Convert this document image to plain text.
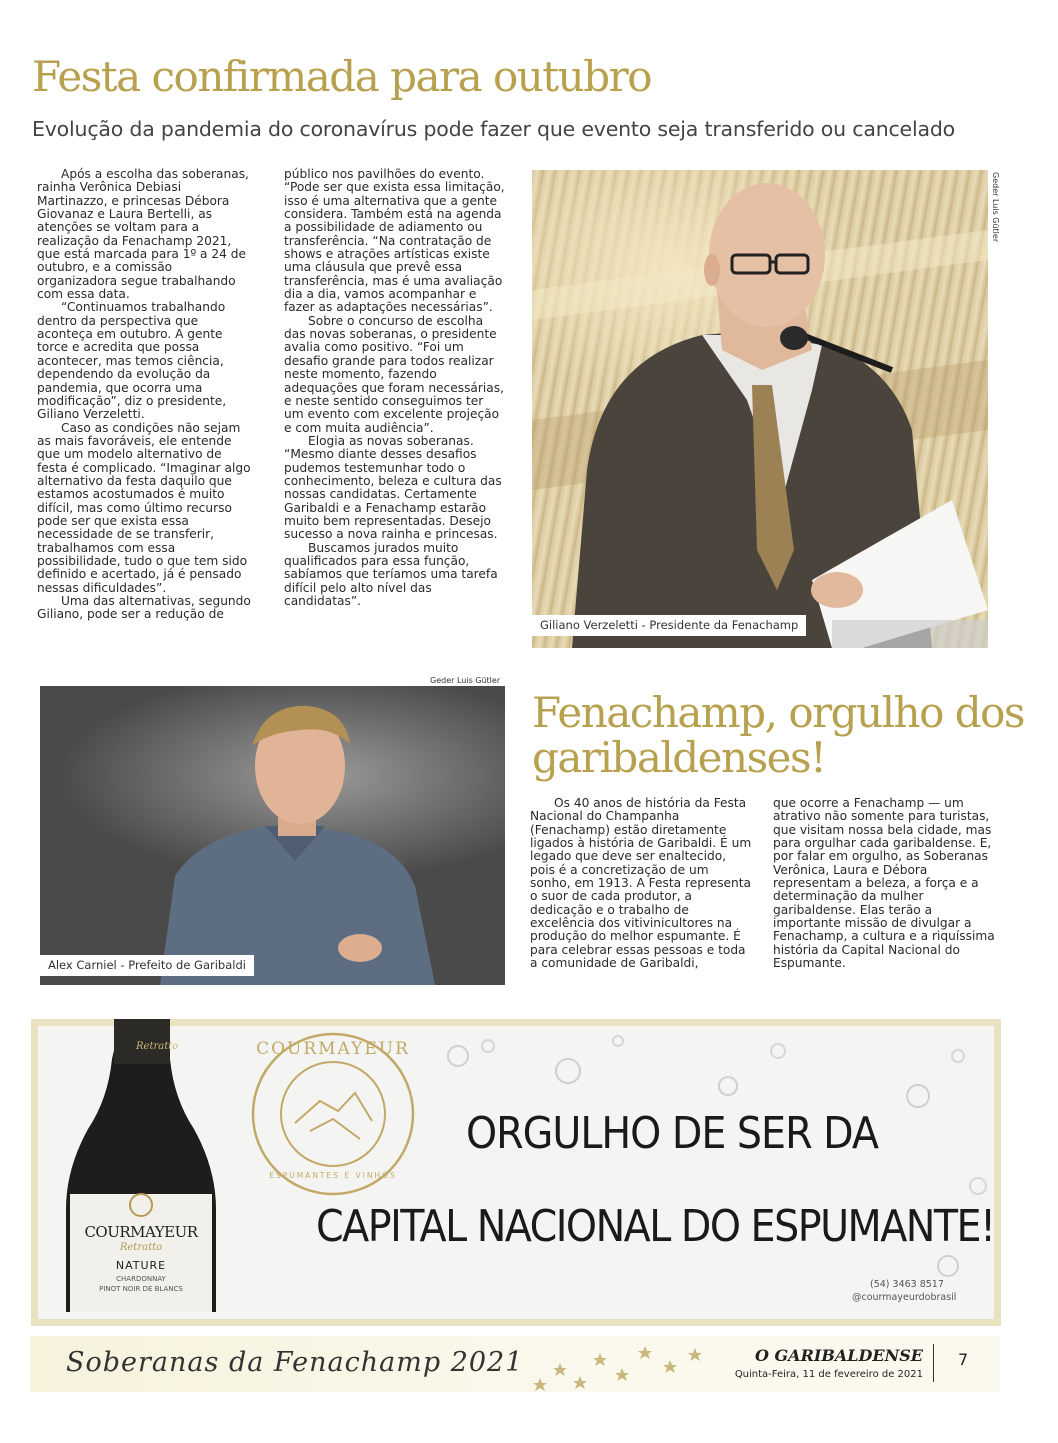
Festa confirmada para outubro
Evolução da pandemia do coronavírus pode fazer que evento seja transferido ou cancelado

Após a escolha das soberanas, rainha Verônica Debiasi Martinazzo, e princesas Débora Giovanaz e Laura Bertelli, as atenções se voltam para a realização da Fenachamp 2021, que está marcada para 1º a 24 de outubro, e a comissão organizadora segue trabalhando com essa data.

“Continuamos trabalhando dentro da perspectiva que aconteça em outubro. A gente torce e acredita que possa acontecer, mas temos ciência, dependendo da evolução da pandemia, que ocorra uma modificação”, diz o presidente, Giliano Verzeletti.

Caso as condições não sejam as mais favoráveis, ele entende que um modelo alternativo de festa é complicado. “Imaginar algo alternativo da festa daquilo que estamos acostumados é muito difícil, mas como último recurso pode ser que exista essa necessidade de se transferir, trabalhamos com essa possibilidade, tudo o que tem sido definido e acertado, já é pensado nessas dificuldades”.

Uma das alternativas, segundo Giliano, pode ser a redução de

público nos pavilhões do evento. “Pode ser que exista essa limitação, isso é uma alternativa que a gente considera. Também está na agenda a possibilidade de adiamento ou transferência. “Na contratação de shows e atrações artísticas existe uma cláusula que prevê essa transferência, mas é uma avaliação dia a dia, vamos acompanhar e fazer as adaptações necessárias”.

Sobre o concurso de escolha das novas soberanas, o presidente avalia como positivo. “Foi um desafio grande para todos realizar neste momento, fazendo adequações que foram necessárias, e neste sentido conseguimos ter um evento com excelente projeção e com muita audiência”.

Elogia as novas soberanas. “Mesmo diante desses desafios pudemos testemunhar todo o conhecimento, beleza e cultura das nossas candidatas. Certamente Garibaldi e a Fenachamp estarão muito bem representadas. Desejo sucesso a nova rainha e princesas.

Buscamos jurados muito qualificados para essa função, sabíamos que teríamos uma tarefa difícil pelo alto nível das candidatas”.

Geder Luis Gütler
Giliano Verzeletti - Presidente da Fenachamp
Geder Luis Gütler
Alex Carniel - Prefeito de Garibaldi
Fenachamp, orgulho dos
garibaldenses!

Os 40 anos de história da Festa Nacional do Champanha (Fenachamp) estão diretamente ligados à história de Garibaldi. É um legado que deve ser enaltecido, pois é a concretização de um sonho, em 1913. A Festa representa o suor de cada produtor, a dedicação e o trabalho de excelência dos vitivinicultores na produção do melhor espumante. É para celebrar essas pessoas e toda a comunidade de Garibaldi,

que ocorre a Fenachamp — um atrativo não somente para turistas, que visitam nossa bela cidade, mas para orgulhar cada garibaldense. E, por falar em orgulho, as Soberanas Verônica, Laura e Débora representam a beleza, a força e a determinação da mulher garibaldense. Elas terão a importante missão de divulgar a Fenachamp, a cultura e a riquíssima história da Capital Nacional do Espumante.

Retratto
COURMAYEUR
Retratto
NATURE
CHARDONNAY
PINOT NOIR DE BLANCS
COURMAYEUR
ESPUMANTES E VINHOS
ORGULHO DE SER DA
CAPITAL NACIONAL DO ESPUMANTE!
(54) 3463 8517
@courmayeurdobrasil
Soberanas da Fenachamp 2021	O GARIBALDENSE
Quinta-Feira, 11 de fevereiro de 2021
7
